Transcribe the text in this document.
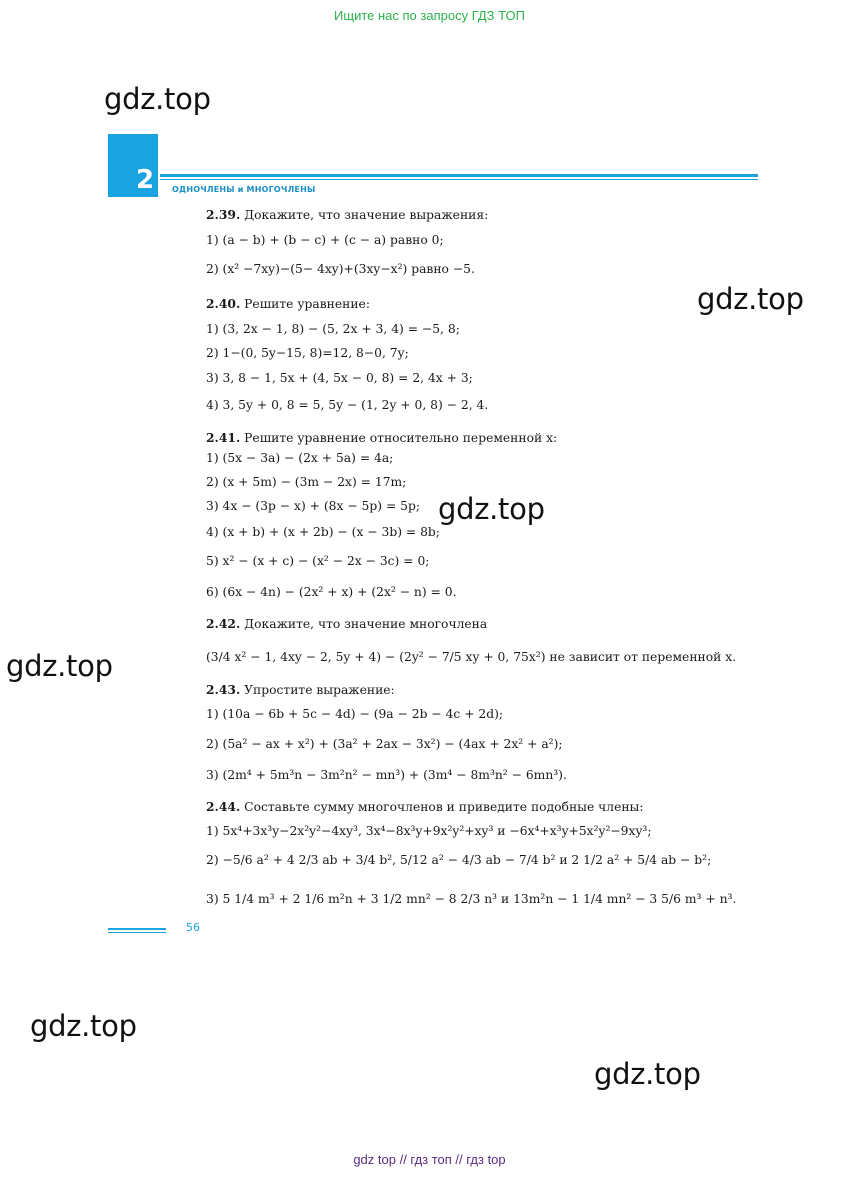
Ищите нас по запросу ГДЗ ТОП
gdz.top
gdz.top
gdz.top
gdz.top
gdz.top
gdz.top
2 ОДНОЧЛЕНЫ и МНОГОЧЛЕНЫ
2.39. Докажите, что значение выражения:
1) (a − b) + (b − c) + (c − a) равно 0;
2) (x² −7xy)−(5− 4xy)+(3xy−x²) равно −5.
2.40. Решите уравнение:
1) (3, 2x − 1, 8) − (5, 2x + 3, 4) = −5, 8;
2) 1−(0, 5y−15, 8)=12, 8−0, 7y;
3) 3, 8 − 1, 5x + (4, 5x − 0, 8) = 2, 4x + 3;
4) 3, 5y + 0, 8 = 5, 5y − (1, 2y + 0, 8) − 2, 4.
2.41. Решите уравнение относительно переменной x:
1) (5x − 3a) − (2x + 5a) = 4a;
2) (x + 5m) − (3m − 2x) = 17m;
3) 4x − (3p − x) + (8x − 5p) = 5p;
4) (x + b) + (x + 2b) − (x − 3b) = 8b;
5) x² − (x + c) − (x² − 2x − 3c) = 0;
6) (6x − 4n) − (2x² + x) + (2x² − n) = 0.
2.42. Докажите, что значение многочлена
(3/4 x² − 1, 4xy − 2, 5y + 4) − (2y² − 7/5 xy + 0, 75x²) не зависит от переменной x.
2.43. Упростите выражение:
1) (10a − 6b + 5c − 4d) − (9a − 2b − 4c + 2d);
2) (5a² − ax + x²) + (3a² + 2ax − 3x²) − (4ax + 2x² + a²);
3) (2m⁴ + 5m³n − 3m²n² − mn³) + (3m⁴ − 8m³n² − 6mn³).
2.44. Составьте сумму многочленов и приведите подобные члены:
1) 5x⁴+3x³y−2x²y²−4xy³, 3x⁴−8x³y+9x²y²+xy³ и −6x⁴+x³y+5x²y²−9xy³;
2) −5/6 a² + 4 2/3 ab + 3/4 b², 5/12 a² − 4/3 ab − 7/4 b² и 2 1/2 a² + 5/4 ab − b²;
3) 5 1/4 m³ + 2 1/6 m²n + 3 1/2 mn² − 8 2/3 n³ и 13m²n − 1 1/4 mn² − 3 5/6 m³ + n³.
56
gdz top // гдз топ // гдз top
